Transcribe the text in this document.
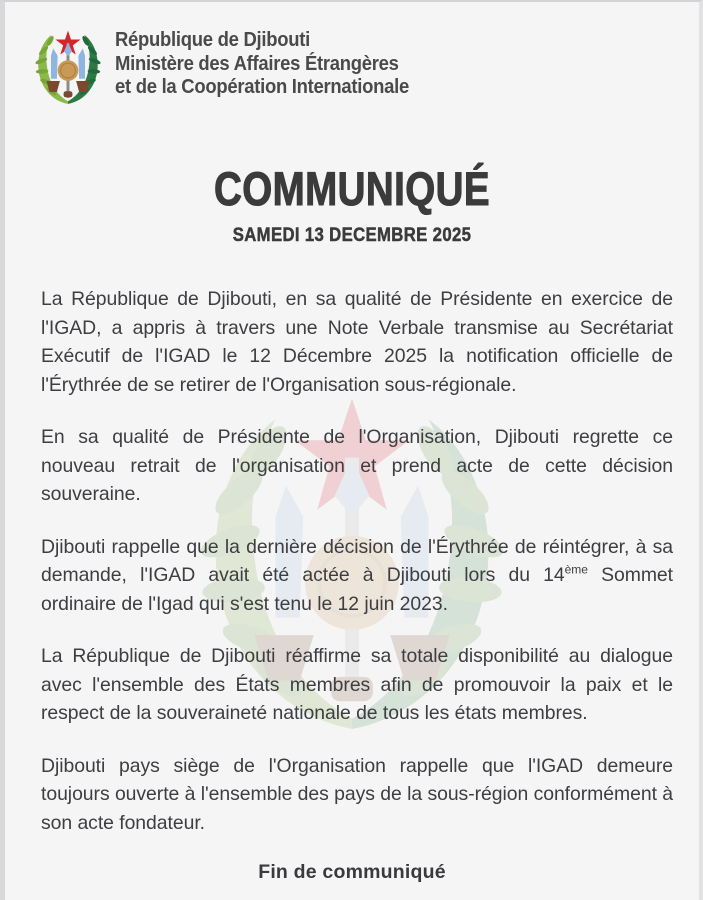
République de Djibouti
Ministère des Affaires Étrangères
et de la Coopération Internationale
COMMUNIQUÉ
SAMEDI 13 DECEMBRE 2025

La République de Djibouti, en sa qualité de Présidente en exercice de l'IGAD, a appris à travers une Note Verbale transmise au Secrétariat Exécutif de l'IGAD le 12 Décembre 2025 la notification officielle de l'Érythrée de se retirer de l'Organisation sous-régionale.

En sa qualité de Présidente de l'Organisation, Djibouti regrette ce nouveau retrait de l'organisation et prend acte de cette décision souveraine.

Djibouti rappelle que la dernière décision de l'Érythrée de réintégrer, à sa demande, l'IGAD avait été actée à Djibouti lors du 14ème Sommet ordinaire de l'Igad qui s'est tenu le 12 juin 2023.

La République de Djibouti réaffirme sa totale disponibilité au dialogue avec l'ensemble des États membres afin de promouvoir la paix et le respect de la souveraineté nationale de tous les états membres.

Djibouti pays siège de l'Organisation rappelle que l'IGAD demeure toujours ouverte à l'ensemble des pays de la sous-région conformément à son acte fondateur.

Fin de communiqué
